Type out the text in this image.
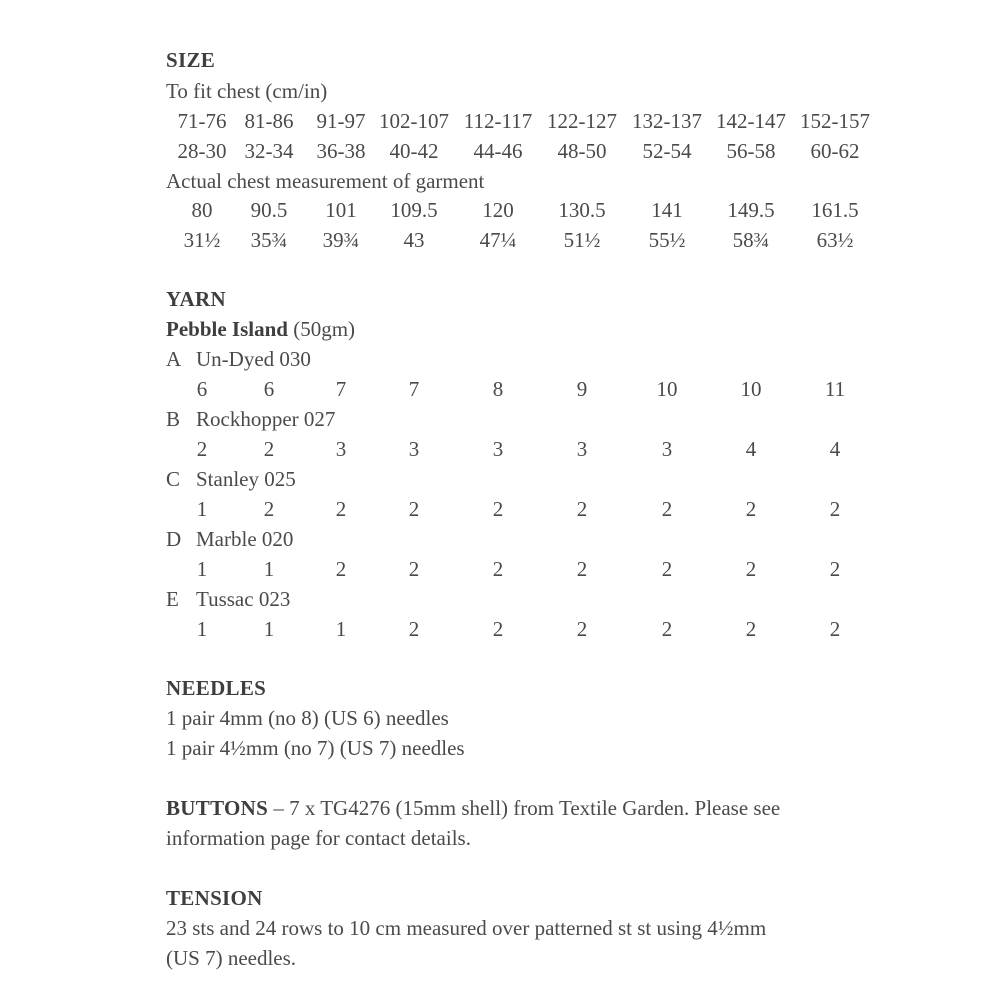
SIZE
To fit chest (cm/in)
71-76 81-86	91-97 102-107 112-117 122-127 132-137 142-147 152-157
28-30 32-34	36-38	40-42	44-46	48-50	52-54	56-58	60-62
Actual chest measurement of garment
80	90.5	101	109.5	120	130.5	141	149.5	161.5
31½	35¾	39¾	43	47¼	51½	55½	58¾	63½
YARN
Pebble Island (50gm)
A Un-Dyed 030
6	6	7	7	8	9	10	10	11
B Rockhopper 027
2	2	3	3	3	3	3	4	4
C Stanley 025
1	2	2	2	2	2	2	2	2
D Marble 020
1	1	2	2	2	2	2	2	2
E Tussac 023
1	1	1	2	2	2	2	2	2
NEEDLES
1 pair 4mm (no 8) (US 6) needles
1 pair 4½mm (no 7) (US 7) needles
BUTTONS – 7 x TG4276 (15mm shell) from Textile Garden. Please see
information page for contact details.
TENSION
23 sts and 24 rows to 10 cm measured over patterned st st using 4½mm
(US 7) needles.
